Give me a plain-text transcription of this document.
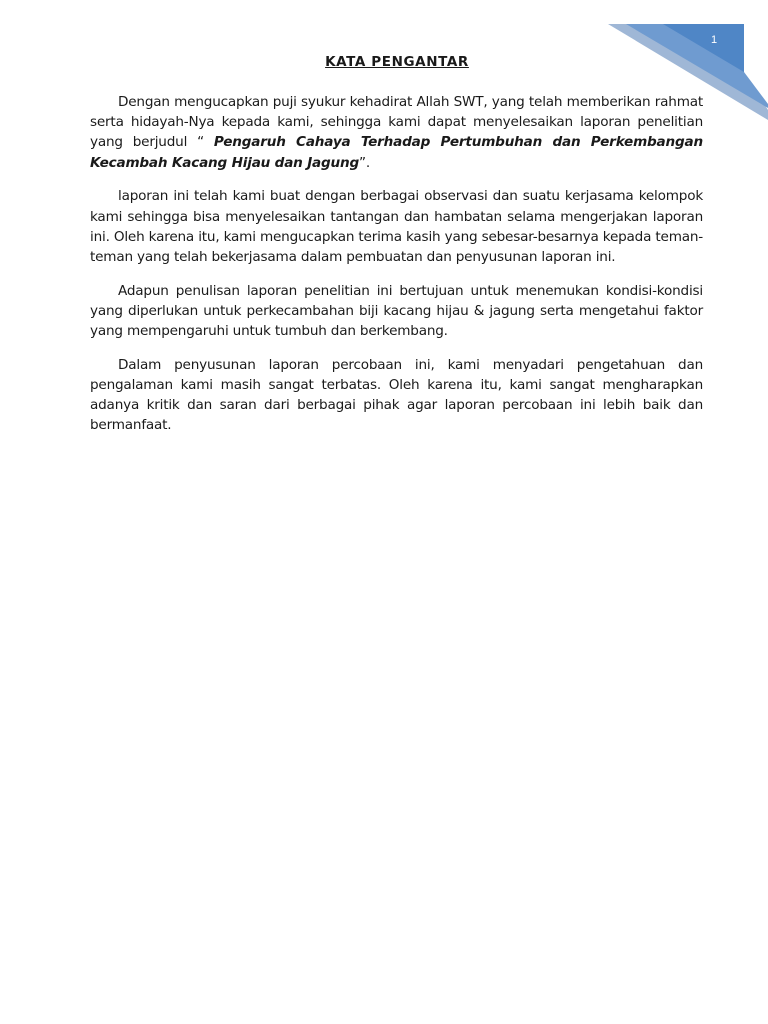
1
KATA PENGANTAR

Dengan mengucapkan puji syukur kehadirat Allah SWT, yang telah memberikan rahmat serta hidayah-Nya kepada kami, sehingga kami dapat menyelesaikan laporan penelitian yang berjudul “ Pengaruh Cahaya Terhadap Pertumbuhan dan Perkembangan Kecambah Kacang Hijau dan Jagung”.

laporan ini telah kami buat dengan berbagai observasi dan suatu kerjasama kelompok kami sehingga bisa menyelesaikan tantangan dan hambatan selama mengerjakan laporan ini. Oleh karena itu, kami mengucapkan terima kasih yang sebesar-besarnya kepada teman-teman yang telah bekerjasama dalam pembuatan dan penyusunan laporan ini.

Adapun penulisan laporan penelitian ini bertujuan untuk menemukan kondisi-kondisi yang diperlukan untuk perkecambahan biji kacang hijau & jagung serta mengetahui faktor yang mempengaruhi untuk tumbuh dan berkembang.

Dalam penyusunan laporan percobaan ini, kami menyadari pengetahuan dan pengalaman kami masih sangat terbatas. Oleh karena itu, kami sangat mengharapkan adanya kritik dan saran dari berbagai pihak agar laporan percobaan ini lebih baik dan bermanfaat.
